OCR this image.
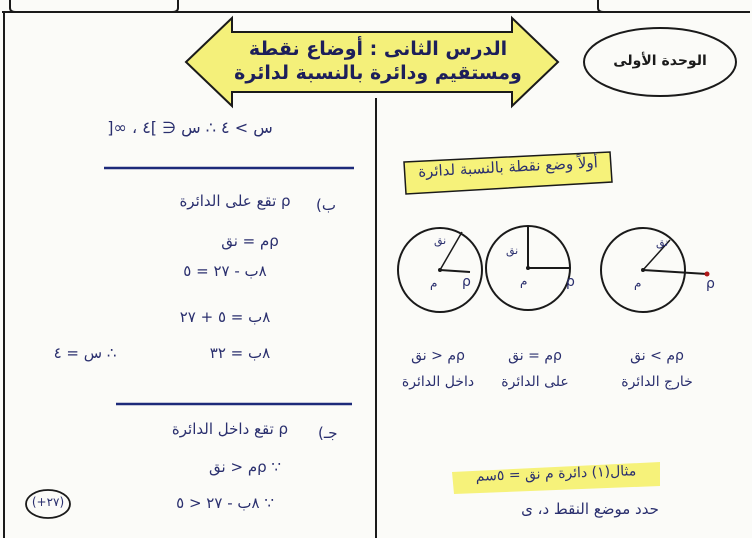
الدرس الثانى : أوضاع نقطة
ومستقيم ودائرة بالنسبة لدائرة
الوحدة الأولى
أولاً وضع نقطة بالنسبة لدائرة
م	ρ
نق
م	ρ
نق
م ρ
نق
ρم > نق
خارج الدائرة
ρم = نق
على الدائرة
ρم < نق
داخل الدائرة
مثال(١) دائرة م نق = ٥سم
حدد موضع النقط د، ى
س > ٤ ∴ س ∈ ]٤ ، ∞[
ب)
ρ تقع على الدائرة
ρم = نق
٨ب - ٢٧ = ٥
٨ب = ٥ + ٢٧
٨ب = ٣٢
∴ س = ٤
جـ)
ρ تقع داخل الدائرة
∵ ρم < نق
∵ ٨ب - ٢٧ < ٥
(+٢٧)
